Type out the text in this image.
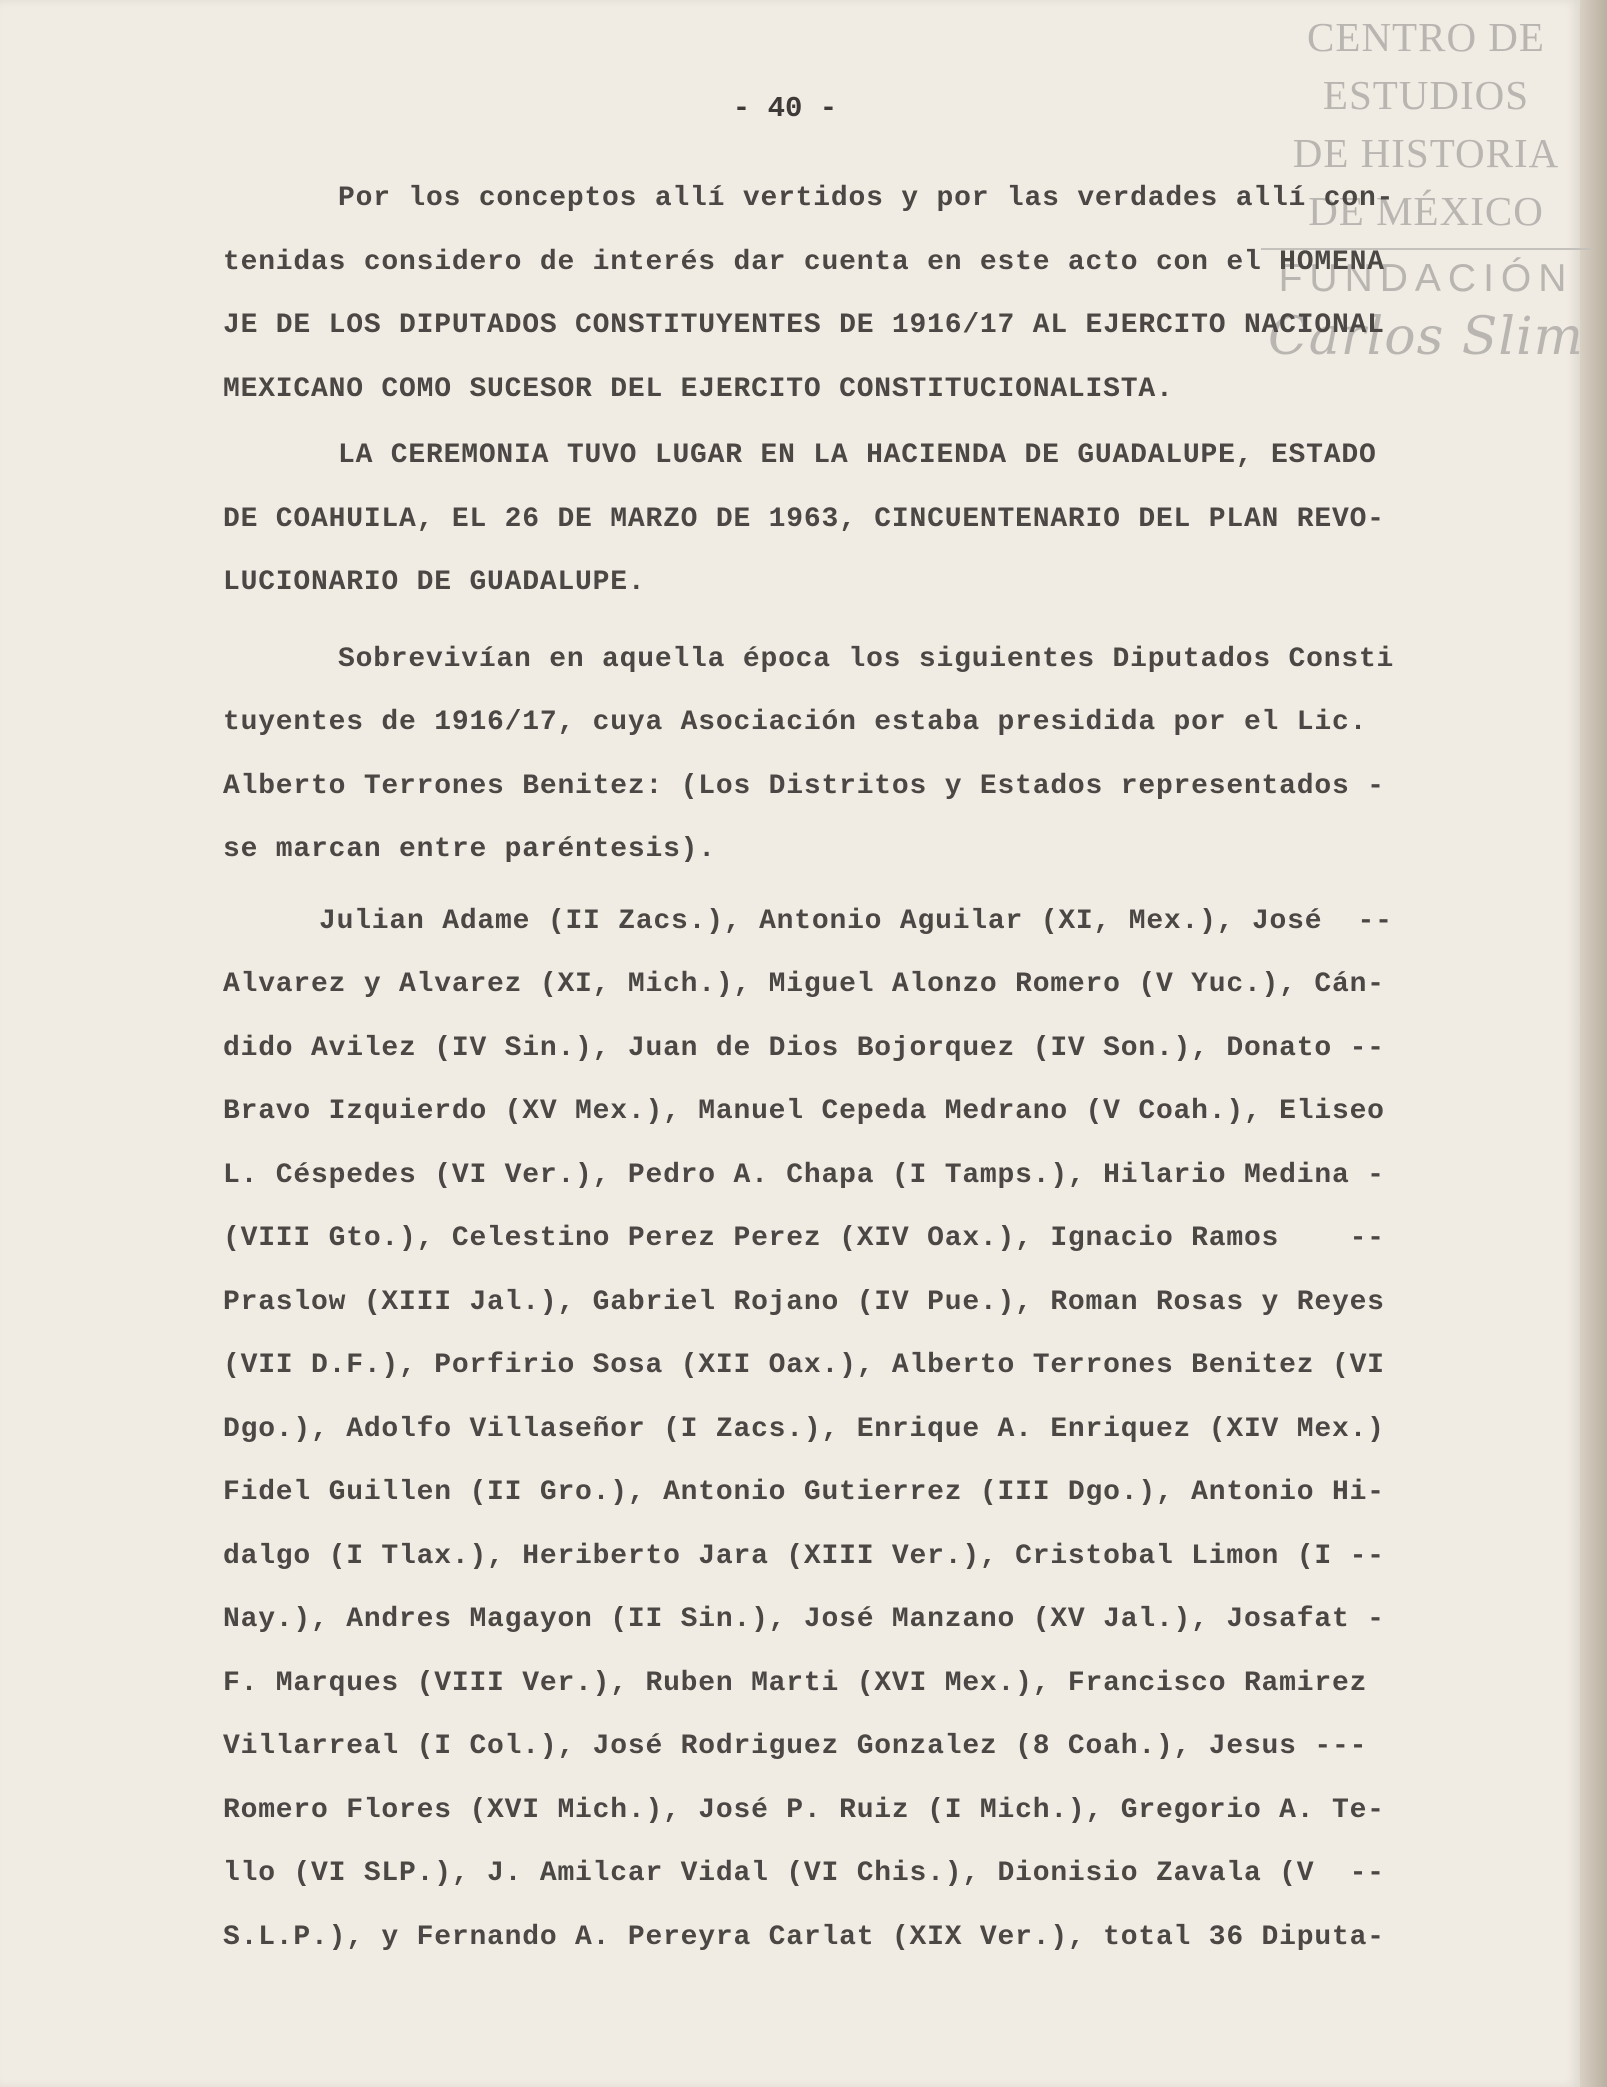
CENTRO DE
ESTUDIOS
DE HISTORIA
DE MÉXICO
FUNDACIÓN
Carlos Slim
- 40 -
Por los conceptos allí vertidos y por las verdades allí con-
tenidas considero de interés dar cuenta en este acto con el HOMENA
JE DE LOS DIPUTADOS CONSTITUYENTES DE 1916/17 AL EJERCITO NACIONAL
MEXICANO COMO SUCESOR DEL EJERCITO CONSTITUCIONALISTA.
LA CEREMONIA TUVO LUGAR EN LA HACIENDA DE GUADALUPE, ESTADO
DE COAHUILA, EL 26 DE MARZO DE 1963, CINCUENTENARIO DEL PLAN REVO-
LUCIONARIO DE GUADALUPE.
Sobrevivían en aquella época los siguientes Diputados Consti
tuyentes de 1916/17, cuya Asociación estaba presidida por el Lic.
Alberto Terrones Benitez: (Los Distritos y Estados representados -
se marcan entre paréntesis).
Julian Adame (II Zacs.), Antonio Aguilar (XI, Mex.), José  --
Alvarez y Alvarez (XI, Mich.), Miguel Alonzo Romero (V Yuc.), Cán-
dido Avilez (IV Sin.), Juan de Dios Bojorquez (IV Son.), Donato --
Bravo Izquierdo (XV Mex.), Manuel Cepeda Medrano (V Coah.), Eliseo
L. Céspedes (VI Ver.), Pedro A. Chapa (I Tamps.), Hilario Medina -
(VIII Gto.), Celestino Perez Perez (XIV Oax.), Ignacio Ramos    --
Praslow (XIII Jal.), Gabriel Rojano (IV Pue.), Roman Rosas y Reyes
(VII D.F.), Porfirio Sosa (XII Oax.), Alberto Terrones Benitez (VI
Dgo.), Adolfo Villaseñor (I Zacs.), Enrique A. Enriquez (XIV Mex.)
Fidel Guillen (II Gro.), Antonio Gutierrez (III Dgo.), Antonio Hi-
dalgo (I Tlax.), Heriberto Jara (XIII Ver.), Cristobal Limon (I --
Nay.), Andres Magayon (II Sin.), José Manzano (XV Jal.), Josafat -
F. Marques (VIII Ver.), Ruben Marti (XVI Mex.), Francisco Ramirez
Villarreal (I Col.), José Rodriguez Gonzalez (8 Coah.), Jesus ---
Romero Flores (XVI Mich.), José P. Ruiz (I Mich.), Gregorio A. Te-
llo (VI SLP.), J. Amilcar Vidal (VI Chis.), Dionisio Zavala (V  --
S.L.P.), y Fernando A. Pereyra Carlat (XIX Ver.), total 36 Diputa-
